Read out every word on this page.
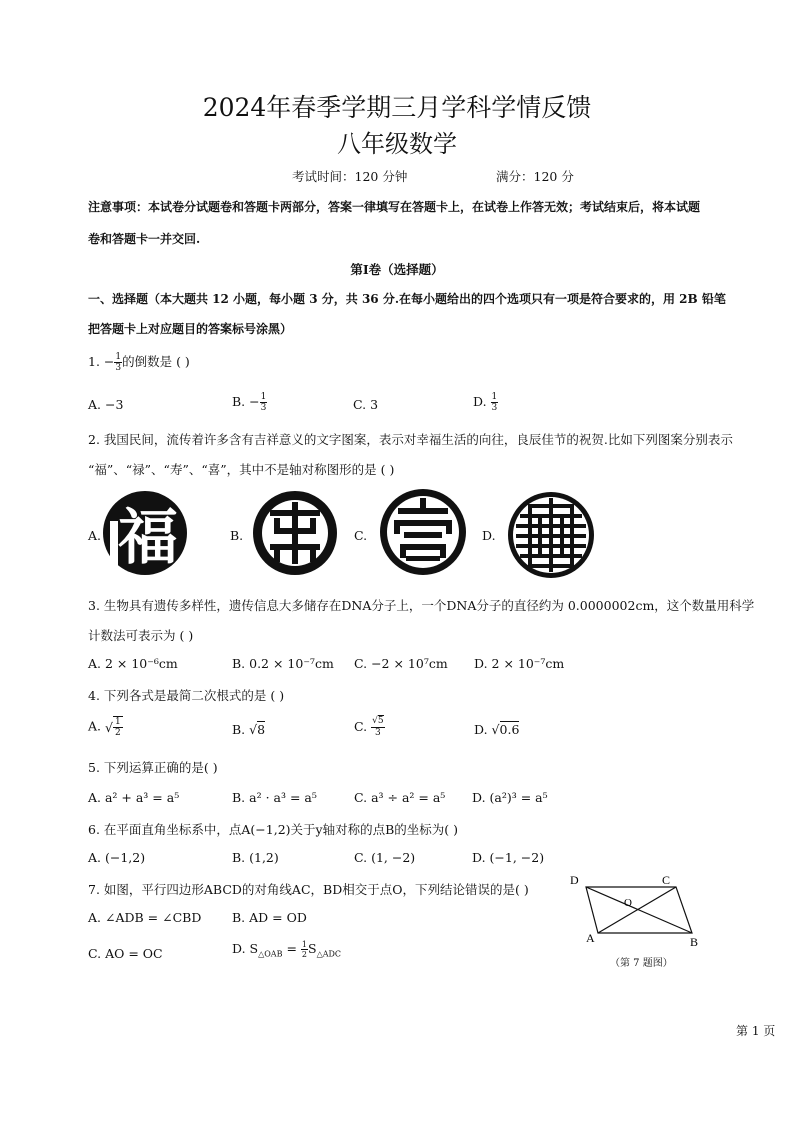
2024年春季学期三月学科学情反馈
八年级数学
考试时间：120 分钟	满分：120 分
注意事项：本试卷分试题卷和答题卡两部分，答案一律填写在答题卡上，在试卷上作答无效；考试结束后，将本试题
卷和答题卡一并交回.
第Ⅰ卷（选择题）
一、选择题（本大题共 12 小题，每小题 3 分，共 36 分.在每小题给出的四个选项只有一项是符合要求的，用 2B 铅笔
把答题卡上对应题目的答案标号涂黑）
1. − $\frac{1}{3}$ 的倒数是 ( )
A. −3	B. − $\frac{1}{3}$	C. 3	D. $\frac{1}{3}$
2. 我国民间，流传着许多含有吉祥意义的文字图案，表示对幸福生活的向往，良辰佳节的祝贺.比如下列图案分别表示
“福”、“禄”、“寿”、“喜”，其中不是轴对称图形的是 ( )
A. 福	B.	C.	D.
3. 生物具有遗传多样性，遗传信息大多储存在DNA分子上，一个DNA分子的直径约为 0.0000002cm，这个数量用科学
计数法可表示为 ( )
A. 2 × 10⁻⁶cm	B. 0.2 × 10⁻⁷cm C. −2 × 10⁷cm D. 2 × 10⁻⁷cm
4. 下列各式是最简二次根式的是 ( )
A. √ $\frac{1}{2}$	B. √8	C. $\frac{√5}{3}$	D. √0.6
5. 下列运算正确的是( )
A. a² + a³ = a⁵	B. a² · a³ = a⁵	C. a³ ÷ a² = a⁵ D. (a²)³ = a⁵
6. 在平面直角坐标系中，点A(−1,2)关于y轴对称的点B的坐标为( )
A. (−1,2)	B. (1,2)	C. (1, −2)	D. (−1, −2)
7. 如图，平行四边形ABCD的对角线AC，BD相交于点O，下列结论错误的是( )
A. ∠ADB = ∠CBD B. AD = OD
C. AO = OC	D. $S_{\triangle OAB} = \frac{1}{2} S_{\triangle ADC}$
D	C
A	B
O
（第 7 题图）
第 1 页
